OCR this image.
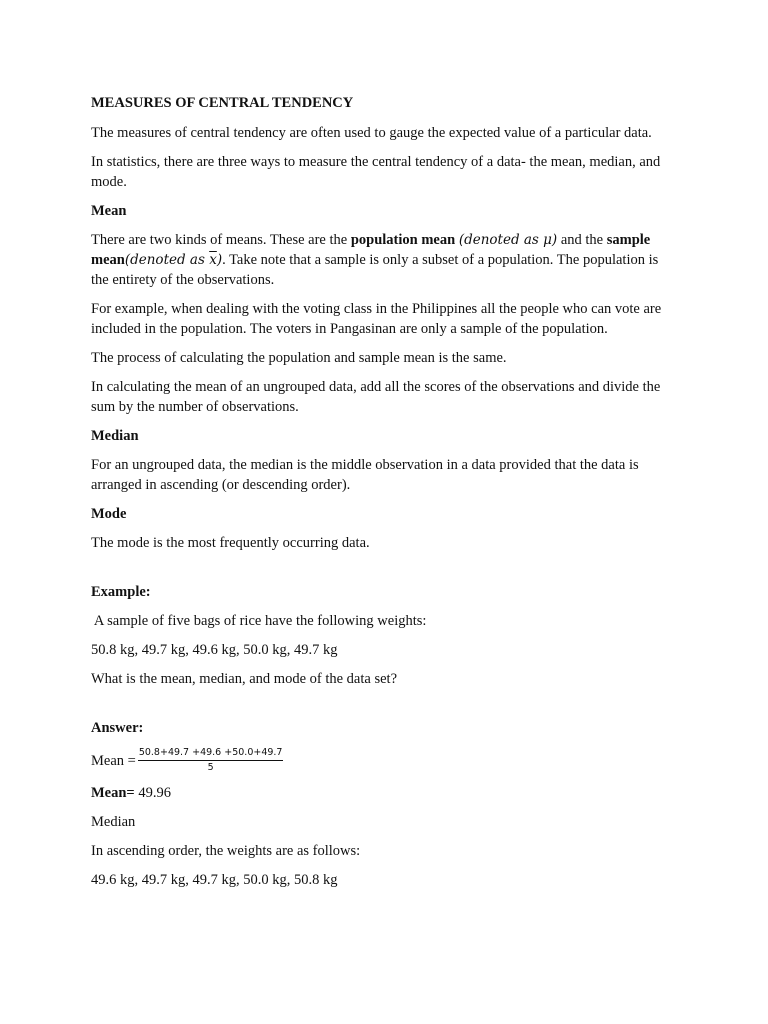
MEASURES OF CENTRAL TENDENCY

The measures of central tendency are often used to gauge the expected value of a particular data.

In statistics, there are three ways to measure the central tendency of a data- the mean, median, and mode.

Mean

There are two kinds of means. These are the population mean (denoted as μ) and the sample mean(denoted as $\overline{x}$). Take note that a sample is only a subset of a population. The population is the entirety of the observations.

For example, when dealing with the voting class in the Philippines all the people who can vote are included in the population. The voters in Pangasinan are only a sample of the population.

The process of calculating the population and sample mean is the same.

In calculating the mean of an ungrouped data, add all the scores of the observations and divide the sum by the number of observations.

Median

For an ungrouped data, the median is the middle observation in a data provided that the data is arranged in ascending (or descending order).

Mode

The mode is the most frequently occurring data.

Example:

A sample of five bags of rice have the following weights:

50.8 kg, 49.7 kg, 49.6 kg, 50.0 kg, 49.7 kg

What is the mean, median, and mode of the data set?

Answer:
Mean = $\frac{50.8+49.7 +49.6 +50.0+49.7}{5}$

Mean= 49.96

Median

In ascending order, the weights are as follows:

49.6 kg, 49.7 kg, 49.7 kg, 50.0 kg, 50.8 kg
